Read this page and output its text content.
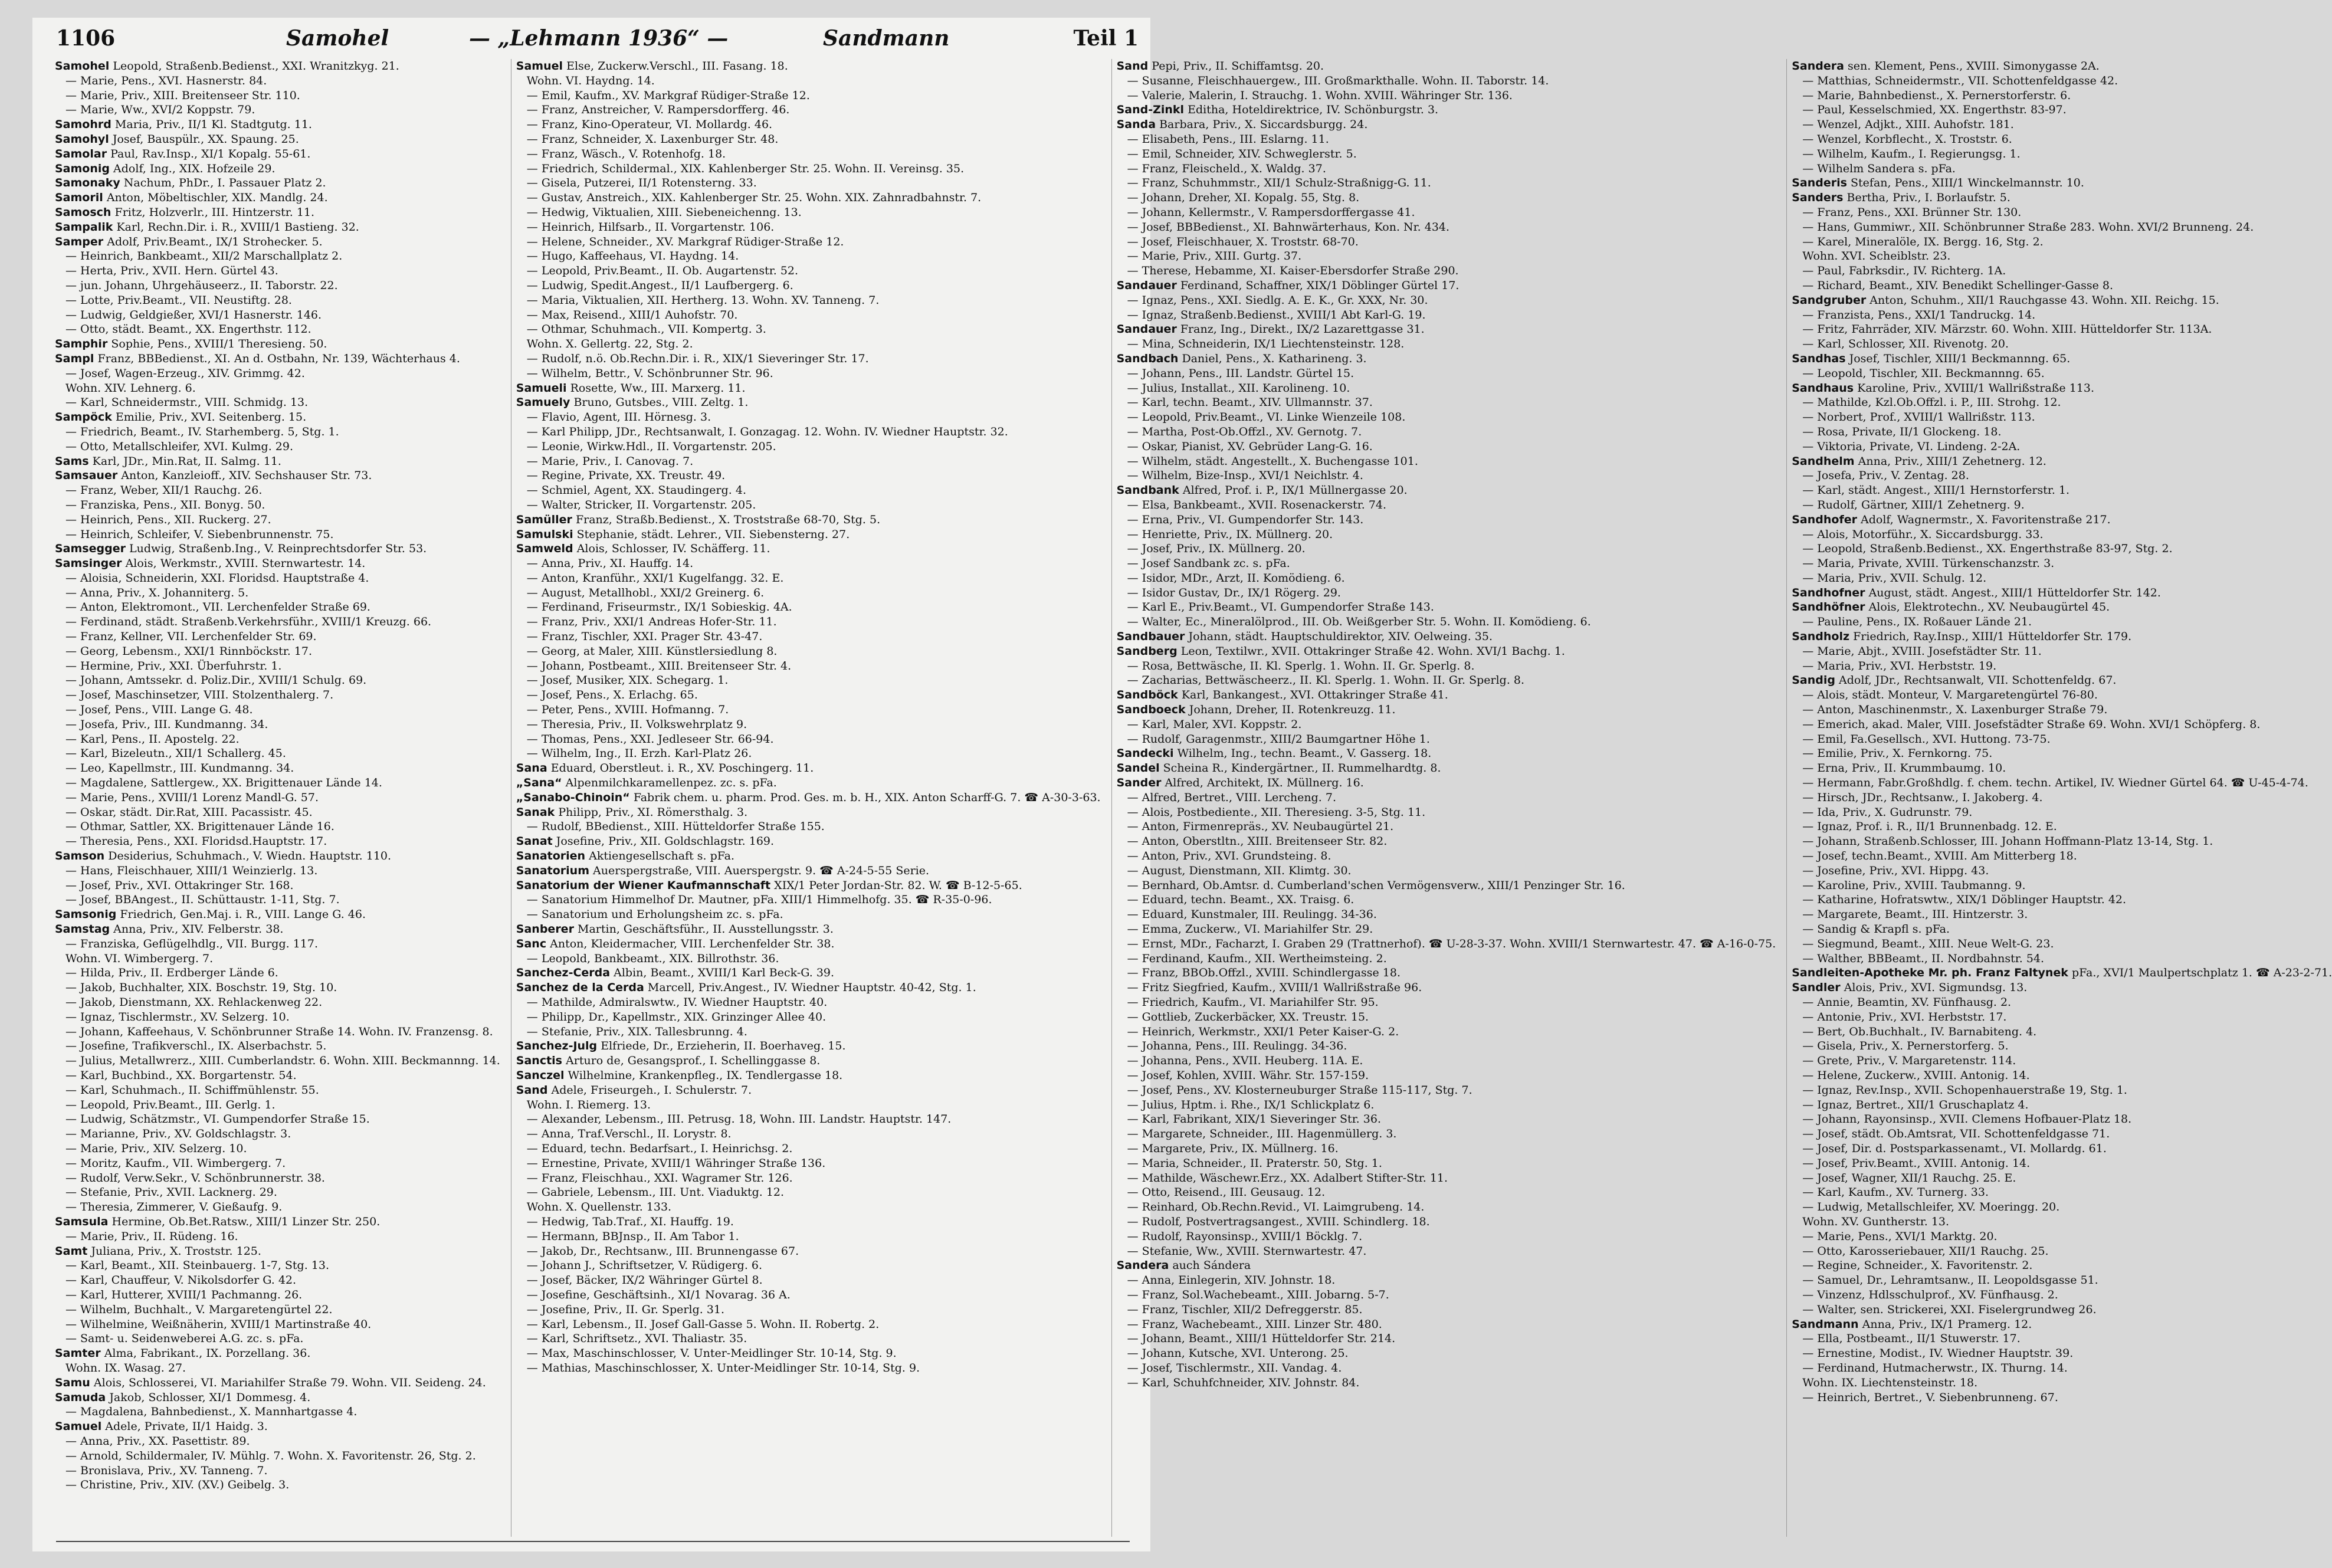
1106	Samohel	— „Lehmann 1936“ —	Sandmann	Teil 1
Samohel Leopold, Straßenb.Bedienst., XXI. Wranitzkyg. 21.
— Marie, Pens., XVI. Hasnerstr. 84.
— Marie, Priv., XIII. Breitenseer Str. 110.
— Marie, Ww., XVI/2 Koppstr. 79.
Samohrd Maria, Priv., II/1 Kl. Stadtgutg. 11.
Samohyl Josef, Bauspülr., XX. Spaung. 25.
Samolar Paul, Rav.Insp., XI/1 Kopalg. 55-61.
Samonig Adolf, Ing., XIX. Hofzeile 29.
Samonaky Nachum, PhDr., I. Passauer Platz 2.
Samoril Anton, Möbeltischler, XIX. Mandlg. 24.
Samosch Fritz, Holzverlr., III. Hintzerstr. 11.
Sampalik Karl, Rechn.Dir. i. R., XVIII/1 Bastieng. 32.
Samper Adolf, Priv.Beamt., IX/1 Strohecker. 5.
— Heinrich, Bankbeamt., XII/2 Marschallplatz 2.
— Herta, Priv., XVII. Hern. Gürtel 43.
— jun. Johann, Uhrgehäuseerz., II. Taborstr. 22.
— Lotte, Priv.Beamt., VII. Neustiftg. 28.
— Ludwig, Geldgießer, XVI/1 Hasnerstr. 146.
— Otto, städt. Beamt., XX. Engerthstr. 112.
Samphir Sophie, Pens., XVIII/1 Theresieng. 50.
Sampl Franz, BBBedienst., XI. An d. Ostbahn, Nr. 139, Wächterhaus 4.
— Josef, Wagen-Erzeug., XIV. Grimmg. 42.
Wohn. XIV. Lehnerg. 6.
— Karl, Schneidermstr., VIII. Schmidg. 13.
Sampöck Emilie, Priv., XVI. Seitenberg. 15.
— Friedrich, Beamt., IV. Starhemberg. 5, Stg. 1.
— Otto, Metallschleifer, XVI. Kulmg. 29.
Sams Karl, JDr., Min.Rat, II. Salmg. 11.
Samsauer Anton, Kanzleioff., XIV. Sechshauser Str. 73.
— Franz, Weber, XII/1 Rauchg. 26.
— Franziska, Pens., XII. Bonyg. 50.
— Heinrich, Pens., XII. Ruckerg. 27.
— Heinrich, Schleifer, V. Siebenbrunnenstr. 75.
Samsegger Ludwig, Straßenb.Ing., V. Reinprechtsdorfer Str. 53.
Samsinger Alois, Werkmstr., XVIII. Sternwartestr. 14.
— Aloisia, Schneiderin, XXI. Floridsd. Hauptstraße 4.
— Anna, Priv., X. Johanniterg. 5.
— Anton, Elektromont., VII. Lerchenfelder Straße 69.
— Ferdinand, städt. Straßenb.Verkehrsführ., XVIII/1 Kreuzg. 66.
— Franz, Kellner, VII. Lerchenfelder Str. 69.
— Georg, Lebensm., XXI/1 Rinnböckstr. 17.
— Hermine, Priv., XXI. Überfuhrstr. 1.
— Johann, Amtssekr. d. Poliz.Dir., XVIII/1 Schulg. 69.
— Josef, Maschinsetzer, VIII. Stolzenthalerg. 7.
— Josef, Pens., VIII. Lange G. 48.
— Josefa, Priv., III. Kundmanng. 34.
— Karl, Pens., II. Apostelg. 22.
— Karl, Bizeleutn., XII/1 Schallerg. 45.
— Leo, Kapellmstr., III. Kundmanng. 34.
— Magdalene, Sattlergew., XX. Brigittenauer Lände 14.
— Marie, Pens., XVIII/1 Lorenz Mandl-G. 57.
— Oskar, städt. Dir.Rat, XIII. Pacassistr. 45.
— Othmar, Sattler, XX. Brigittenauer Lände 16.
— Theresia, Pens., XXI. Floridsd.Hauptstr. 17.
Samson Desiderius, Schuhmach., V. Wiedn. Hauptstr. 110.
— Hans, Fleischhauer, XIII/1 Weinzierlg. 13.
— Josef, Priv., XVI. Ottakringer Str. 168.
— Josef, BBAngest., II. Schüttaustr. 1-11, Stg. 7.
Samsonig Friedrich, Gen.Maj. i. R., VIII. Lange G. 46.
Samstag Anna, Priv., XIV. Felberstr. 38.
— Franziska, Geflügelhdlg., VII. Burgg. 117.
Wohn. VI. Wimbergerg. 7.
— Hilda, Priv., II. Erdberger Lände 6.
— Jakob, Buchhalter, XIX. Boschstr. 19, Stg. 10.
— Jakob, Dienstmann, XX. Rehlackenweg 22.
— Ignaz, Tischlermstr., XV. Selzerg. 10.
— Johann, Kaffeehaus, V. Schönbrunner Straße 14. Wohn. IV. Franzensg. 8.
— Josefine, Trafikverschl., IX. Alserbachstr. 5.
— Julius, Metallwrerz., XIII. Cumberlandstr. 6. Wohn. XIII. Beckmannng. 14.
— Karl, Buchbind., XX. Borgartenstr. 54.
— Karl, Schuhmach., II. Schiffmühlenstr. 55.
— Leopold, Priv.Beamt., III. Gerlg. 1.
— Ludwig, Schätzmstr., VI. Gumpendorfer Straße 15.
— Marianne, Priv., XV. Goldschlagstr. 3.
— Marie, Priv., XIV. Selzerg. 10.
— Moritz, Kaufm., VII. Wimbergerg. 7.
— Rudolf, Verw.Sekr., V. Schönbrunnerstr. 38.
— Stefanie, Priv., XVII. Lacknerg. 29.
— Theresia, Zimmerer, V. Gießaufg. 9.
Samsula Hermine, Ob.Bet.Ratsw., XIII/1 Linzer Str. 250.
— Marie, Priv., II. Rüdeng. 16.
Samt Juliana, Priv., X. Troststr. 125.
— Karl, Beamt., XII. Steinbauerg. 1-7, Stg. 13.
— Karl, Chauffeur, V. Nikolsdorfer G. 42.
— Karl, Hutterer, XVIII/1 Pachmanng. 26.
— Wilhelm, Buchhalt., V. Margaretengürtel 22.
— Wilhelmine, Weißnäherin, XVIII/1 Martinstraße 40.
— Samt- u. Seidenweberei A.G. zc. s. pFa.
Samter Alma, Fabrikant., IX. Porzellang. 36.
Wohn. IX. Wasag. 27.
Samu Alois, Schlosserei, VI. Mariahilfer Straße 79. Wohn. VII. Seideng. 24.
Samuda Jakob, Schlosser, XI/1 Dommesg. 4.
— Magdalena, Bahnbedienst., X. Mannhartgasse 4.
Samuel Adele, Private, II/1 Haidg. 3.
— Anna, Priv., XX. Pasettistr. 89.
— Arnold, Schildermaler, IV. Mühlg. 7. Wohn. X. Favoritenstr. 26, Stg. 2.
— Bronislava, Priv., XV. Tanneng. 7.
— Christine, Priv., XIV. (XV.) Geibelg. 3.
Samuel Else, Zuckerw.Verschl., III. Fasang. 18.
Wohn. VI. Haydng. 14.
— Emil, Kaufm., XV. Markgraf Rüdiger-Straße 12.
— Franz, Anstreicher, V. Rampersdorfferg. 46.
— Franz, Kino-Operateur, VI. Mollardg. 46.
— Franz, Schneider, X. Laxenburger Str. 48.
— Franz, Wäsch., V. Rotenhofg. 18.
— Friedrich, Schildermal., XIX. Kahlenberger Str. 25. Wohn. II. Vereinsg. 35.
— Gisela, Putzerei, II/1 Rotensterng. 33.
— Gustav, Anstreich., XIX. Kahlenberger Str. 25. Wohn. XIX. Zahnradbahnstr. 7.
— Hedwig, Viktualien, XIII. Siebeneichenng. 13.
— Heinrich, Hilfsarb., II. Vorgartenstr. 106.
— Helene, Schneider., XV. Markgraf Rüdiger-Straße 12.
— Hugo, Kaffeehaus, VI. Haydng. 14.
— Leopold, Priv.Beamt., II. Ob. Augartenstr. 52.
— Ludwig, Spedit.Angest., II/1 Laufbergerg. 6.
— Maria, Viktualien, XII. Hertherg. 13. Wohn. XV. Tanneng. 7.
— Max, Reisend., XIII/1 Auhofstr. 70.
— Othmar, Schuhmach., VII. Kompertg. 3.
Wohn. X. Gellertg. 22, Stg. 2.
— Rudolf, n.ö. Ob.Rechn.Dir. i. R., XIX/1 Sieveringer Str. 17.
— Wilhelm, Bettr., V. Schönbrunner Str. 96.
Samueli Rosette, Ww., III. Marxerg. 11.
Samuely Bruno, Gutsbes., VIII. Zeltg. 1.
— Flavio, Agent, III. Hörnesg. 3.
— Karl Philipp, JDr., Rechtsanwalt, I. Gonzagag. 12. Wohn. IV. Wiedner Hauptstr. 32.
— Leonie, Wirkw.Hdl., II. Vorgartenstr. 205.
— Marie, Priv., I. Canovag. 7.
— Regine, Private, XX. Treustr. 49.
— Schmiel, Agent, XX. Staudingerg. 4.
— Walter, Stricker, II. Vorgartenstr. 205.
Samüller Franz, Straßb.Bedienst., X. Troststraße 68-70, Stg. 5.
Samulski Stephanie, städt. Lehrer., VII. Siebensterng. 27.
Samweld Alois, Schlosser, IV. Schäfferg. 11.
— Anna, Priv., XI. Hauffg. 14.
— Anton, Kranführ., XXI/1 Kugelfangg. 32. E.
— August, Metallhobl., XXI/2 Greinerg. 6.
— Ferdinand, Friseurmstr., IX/1 Sobieskig. 4A.
— Franz, Priv., XXI/1 Andreas Hofer-Str. 11.
— Franz, Tischler, XXI. Prager Str. 43-47.
— Georg, at Maler, XIII. Künstlersiedlung 8.
— Johann, Postbeamt., XIII. Breitenseer Str. 4.
— Josef, Musiker, XIX. Schegarg. 1.
— Josef, Pens., X. Erlachg. 65.
— Peter, Pens., XVIII. Hofmanng. 7.
— Theresia, Priv., II. Volkswehrplatz 9.
— Thomas, Pens., XXI. Jedleseer Str. 66-94.
— Wilhelm, Ing., II. Erzh. Karl-Platz 26.
Sana Eduard, Oberstleut. i. R., XV. Poschingerg. 11.
„Sana“ Alpenmilchkaramellenpez. zc. s. pFa.
„Sanabo-Chinoin“ Fabrik chem. u. pharm. Prod. Ges. m. b. H., XIX. Anton Scharff-G. 7. ☎ A-30-3-63.
Sanak Philipp, Priv., XI. Römersthalg. 3.
— Rudolf, BBedienst., XIII. Hütteldorfer Straße 155.
Sanat Josefine, Priv., XII. Goldschlagstr. 169.
Sanatorien Aktiengesellschaft s. pFa.
Sanatorium Auerspergstraße, VIII. Auerspergstr. 9. ☎ A-24-5-55 Serie.
Sanatorium der Wiener Kaufmannschaft XIX/1 Peter Jordan-Str. 82. W. ☎ B-12-5-65.
— Sanatorium Himmelhof Dr. Mautner, pFa. XIII/1 Himmelhofg. 35. ☎ R-35-0-96.
— Sanatorium und Erholungsheim zc. s. pFa.
Sanberer Martin, Geschäftsführ., II. Ausstellungsstr. 3.
Sanc Anton, Kleidermacher, VIII. Lerchenfelder Str. 38.
— Leopold, Bankbeamt., XIX. Billrothstr. 36.
Sanchez-Cerda Albin, Beamt., XVIII/1 Karl Beck-G. 39.
Sanchez de la Cerda Marcell, Priv.Angest., IV. Wiedner Hauptstr. 40-42, Stg. 1.
— Mathilde, Admiralswtw., IV. Wiedner Hauptstr. 40.
— Philipp, Dr., Kapellmstr., XIX. Grinzinger Allee 40.
— Stefanie, Priv., XIX. Tallesbrunng. 4.
Sanchez-Julg Elfriede, Dr., Erzieherin, II. Boerhaveg. 15.
Sanctis Arturo de, Gesangsprof., I. Schellinggasse 8.
Sanczel Wilhelmine, Krankenpfleg., IX. Tendlergasse 18.
Sand Adele, Friseurgeh., I. Schulerstr. 7.
Wohn. I. Riemerg. 13.
— Alexander, Lebensm., III. Petrusg. 18, Wohn. III. Landstr. Hauptstr. 147.
— Anna, Traf.Verschl., II. Lorystr. 8.
— Eduard, techn. Bedarfsart., I. Heinrichsg. 2.
— Ernestine, Private, XVIII/1 Währinger Straße 136.
— Franz, Fleischhau., XXI. Wagramer Str. 126.
— Gabriele, Lebensm., III. Unt. Viaduktg. 12.
Wohn. X. Quellenstr. 133.
— Hedwig, Tab.Traf., XI. Hauffg. 19.
— Hermann, BBJnsp., II. Am Tabor 1.
— Jakob, Dr., Rechtsanw., III. Brunnengasse 67.
— Johann J., Schriftsetzer, V. Rüdigerg. 6.
— Josef, Bäcker, IX/2 Währinger Gürtel 8.
— Josefine, Geschäftsinh., XI/1 Novarag. 36 A.
— Josefine, Priv., II. Gr. Sperlg. 31.
— Karl, Lebensm., II. Josef Gall-Gasse 5. Wohn. II. Robertg. 2.
— Karl, Schriftsetz., XVI. Thaliastr. 35.
— Max, Maschinschlosser, V. Unter-Meidlinger Str. 10-14, Stg. 9.
— Mathias, Maschinschlosser, X. Unter-Meidlinger Str. 10-14, Stg. 9.
Sand Pepi, Priv., II. Schiffamtsg. 20.
— Susanne, Fleischhauergew., III. Großmarkthalle. Wohn. II. Taborstr. 14.
— Valerie, Malerin, I. Strauchg. 1. Wohn. XVIII. Währinger Str. 136.
Sand-Zinkl Editha, Hoteldirektrice, IV. Schönburgstr. 3.
Sanda Barbara, Priv., X. Siccardsburgg. 24.
— Elisabeth, Pens., III. Eslarng. 11.
— Emil, Schneider, XIV. Schweglerstr. 5.
— Franz, Fleischeld., X. Waldg. 37.
— Franz, Schuhmmstr., XII/1 Schulz-Straßnigg-G. 11.
— Johann, Dreher, XI. Kopalg. 55, Stg. 8.
— Johann, Kellermstr., V. Rampersdorffergasse 41.
— Josef, BBBedienst., XI. Bahnwärterhaus, Kon. Nr. 434.
— Josef, Fleischhauer, X. Troststr. 68-70.
— Marie, Priv., XIII. Gurtg. 37.
— Therese, Hebamme, XI. Kaiser-Ebersdorfer Straße 290.
Sandauer Ferdinand, Schaffner, XIX/1 Döblinger Gürtel 17.
— Ignaz, Pens., XXI. Siedlg. A. E. K., Gr. XXX, Nr. 30.
— Ignaz, Straßenb.Bedienst., XVIII/1 Abt Karl-G. 19.
Sandauer Franz, Ing., Direkt., IX/2 Lazarettgasse 31.
— Mina, Schneiderin, IX/1 Liechtensteinstr. 128.
Sandbach Daniel, Pens., X. Katharineng. 3.
— Johann, Pens., III. Landstr. Gürtel 15.
— Julius, Installat., XII. Karolineng. 10.
— Karl, techn. Beamt., XIV. Ullmannstr. 37.
— Leopold, Priv.Beamt., VI. Linke Wienzeile 108.
— Martha, Post-Ob.Offzl., XV. Gernotg. 7.
— Oskar, Pianist, XV. Gebrüder Lang-G. 16.
— Wilhelm, städt. Angestellt., X. Buchengasse 101.
— Wilhelm, Bize-Insp., XVI/1 Neichlstr. 4.
Sandbank Alfred, Prof. i. P., IX/1 Müllnergasse 20.
— Elsa, Bankbeamt., XVII. Rosenackerstr. 74.
— Erna, Priv., VI. Gumpendorfer Str. 143.
— Henriette, Priv., IX. Müllnerg. 20.
— Josef, Priv., IX. Müllnerg. 20.
— Josef Sandbank zc. s. pFa.
— Isidor, MDr., Arzt, II. Komödieng. 6.
— Isidor Gustav, Dr., IX/1 Rögerg. 29.
— Karl E., Priv.Beamt., VI. Gumpendorfer Straße 143.
— Walter, Ec., Mineralölprod., III. Ob. Weißgerber Str. 5. Wohn. II. Komödieng. 6.
Sandbauer Johann, städt. Hauptschuldirektor, XIV. Oelweing. 35.
Sandberg Leon, Textilwr., XVII. Ottakringer Straße 42. Wohn. XVI/1 Bachg. 1.
— Rosa, Bettwäsche, II. Kl. Sperlg. 1. Wohn. II. Gr. Sperlg. 8.
— Zacharias, Bettwäscheerz., II. Kl. Sperlg. 1. Wohn. II. Gr. Sperlg. 8.
Sandböck Karl, Bankangest., XVI. Ottakringer Straße 41.
Sandboeck Johann, Dreher, II. Rotenkreuzg. 11.
— Karl, Maler, XVI. Koppstr. 2.
— Rudolf, Garagenmstr., XIII/2 Baumgartner Höhe 1.
Sandecki Wilhelm, Ing., techn. Beamt., V. Gasserg. 18.
Sandel Scheina R., Kindergärtner., II. Rummelhardtg. 8.
Sander Alfred, Architekt, IX. Müllnerg. 16.
— Alfred, Bertret., VIII. Lercheng. 7.
— Alois, Postbediente., XII. Theresieng. 3-5, Stg. 11.
— Anton, Firmenrepräs., XV. Neubaugürtel 21.
— Anton, Oberstltn., XIII. Breitenseer Str. 82.
— Anton, Priv., XVI. Grundsteing. 8.
— August, Dienstmann, XII. Klimtg. 30.
— Bernhard, Ob.Amtsr. d. Cumberland'schen Vermögensverw., XIII/1 Penzinger Str. 16.
— Eduard, techn. Beamt., XX. Traisg. 6.
— Eduard, Kunstmaler, III. Reulingg. 34-36.
— Emma, Zuckerw., VI. Mariahilfer Str. 29.
— Ernst, MDr., Facharzt, I. Graben 29 (Trattnerhof). ☎ U-28-3-37. Wohn. XVIII/1 Sternwartestr. 47. ☎ A-16-0-75.
— Ferdinand, Kaufm., XII. Wertheimsteing. 2.
— Franz, BBOb.Offzl., XVIII. Schindlergasse 18.
— Fritz Siegfried, Kaufm., XVIII/1 Wallrißstraße 96.
— Friedrich, Kaufm., VI. Mariahilfer Str. 95.
— Gottlieb, Zuckerbäcker, XX. Treustr. 15.
— Heinrich, Werkmstr., XXI/1 Peter Kaiser-G. 2.
— Johanna, Pens., III. Reulingg. 34-36.
— Johanna, Pens., XVII. Heuberg. 11A. E.
— Josef, Kohlen, XVIII. Währ. Str. 157-159.
— Josef, Pens., XV. Klosterneuburger Straße 115-117, Stg. 7.
— Julius, Hptm. i. Rhe., IX/1 Schlickplatz 6.
— Karl, Fabrikant, XIX/1 Sieveringer Str. 36.
— Margarete, Schneider., III. Hagenmüllerg. 3.
— Margarete, Priv., IX. Müllnerg. 16.
— Maria, Schneider., II. Praterstr. 50, Stg. 1.
— Mathilde, Wäschewr.Erz., XX. Adalbert Stifter-Str. 11.
— Otto, Reisend., III. Geusaug. 12.
— Reinhard, Ob.Rechn.Revid., VI. Laimgrubeng. 14.
— Rudolf, Postvertragsangest., XVIII. Schindlerg. 18.
— Rudolf, Rayonsinsp., XVIII/1 Böcklg. 7.
— Stefanie, Ww., XVIII. Sternwartestr. 47.
Sandera auch Sándera
— Anna, Einlegerin, XIV. Johnstr. 18.
— Franz, Sol.Wachebeamt., XIII. Jobarng. 5-7.
— Franz, Tischler, XII/2 Defreggerstr. 85.
— Franz, Wachebeamt., XIII. Linzer Str. 480.
— Johann, Beamt., XIII/1 Hütteldorfer Str. 214.
— Johann, Kutsche, XVI. Unterong. 25.
— Josef, Tischlermstr., XII. Vandag. 4.
— Karl, Schuhfchneider, XIV. Johnstr. 84.
Sandera sen. Klement, Pens., XVIII. Simonygasse 2A.
— Matthias, Schneidermstr., VII. Schottenfeldgasse 42.
— Marie, Bahnbedienst., X. Pernerstorferstr. 6.
— Paul, Kesselschmied, XX. Engerthstr. 83-97.
— Wenzel, Adjkt., XIII. Auhofstr. 181.
— Wenzel, Korbflecht., X. Troststr. 6.
— Wilhelm, Kaufm., I. Regierungsg. 1.
— Wilhelm Sandera s. pFa.
Sanderis Stefan, Pens., XIII/1 Winckelmannstr. 10.
Sanders Bertha, Priv., I. Borlaufstr. 5.
— Franz, Pens., XXI. Brünner Str. 130.
— Hans, Gummiwr., XII. Schönbrunner Straße 283. Wohn. XVI/2 Brunneng. 24.
— Karel, Mineralöle, IX. Bergg. 16, Stg. 2.
Wohn. XVI. Scheiblstr. 23.
— Paul, Fabrksdir., IV. Richterg. 1A.
— Richard, Beamt., XIV. Benedikt Schellinger-Gasse 8.
Sandgruber Anton, Schuhm., XII/1 Rauchgasse 43. Wohn. XII. Reichg. 15.
— Franzista, Pens., XXI/1 Tandruckg. 14.
— Fritz, Fahrräder, XIV. Märzstr. 60. Wohn. XIII. Hütteldorfer Str. 113A.
— Karl, Schlosser, XII. Rivenotg. 20.
Sandhas Josef, Tischler, XIII/1 Beckmannng. 65.
— Leopold, Tischler, XII. Beckmannng. 65.
Sandhaus Karoline, Priv., XVIII/1 Wallrißstraße 113.
— Mathilde, Kzl.Ob.Offzl. i. P., III. Strohg. 12.
— Norbert, Prof., XVIII/1 Wallrißstr. 113.
— Rosa, Private, II/1 Glockeng. 18.
— Viktoria, Private, VI. Lindeng. 2-2A.
Sandhelm Anna, Priv., XIII/1 Zehetnerg. 12.
— Josefa, Priv., V. Zentag. 28.
— Karl, städt. Angest., XIII/1 Hernstorferstr. 1.
— Rudolf, Gärtner, XIII/1 Zehetnerg. 9.
Sandhofer Adolf, Wagnermstr., X. Favoritenstraße 217.
— Alois, Motorführ., X. Siccardsburgg. 33.
— Leopold, Straßenb.Bedienst., XX. Engerthstraße 83-97, Stg. 2.
— Maria, Private, XVIII. Türkenschanzstr. 3.
— Maria, Priv., XVII. Schulg. 12.
Sandhofner August, städt. Angest., XIII/1 Hütteldorfer Str. 142.
Sandhöfner Alois, Elektrotechn., XV. Neubaugürtel 45.
— Pauline, Pens., IX. Roßauer Lände 21.
Sandholz Friedrich, Ray.Insp., XIII/1 Hütteldorfer Str. 179.
— Marie, Abjt., XVIII. Josefstädter Str. 11.
— Maria, Priv., XVI. Herbststr. 19.
Sandig Adolf, JDr., Rechtsanwalt, VII. Schottenfeldg. 67.
— Alois, städt. Monteur, V. Margaretengürtel 76-80.
— Anton, Maschinenmstr., X. Laxenburger Straße 79.
— Emerich, akad. Maler, VIII. Josefstädter Straße 69. Wohn. XVI/1 Schöpferg. 8.
— Emil, Fa.Gesellsch., XVI. Huttong. 73-75.
— Emilie, Priv., X. Fernkorng. 75.
— Erna, Priv., II. Krummbaumg. 10.
— Hermann, Fabr.Großhdlg. f. chem. techn. Artikel, IV. Wiedner Gürtel 64. ☎ U-45-4-74.
— Hirsch, JDr., Rechtsanw., I. Jakoberg. 4.
— Ida, Priv., X. Gudrunstr. 79.
— Ignaz, Prof. i. R., II/1 Brunnenbadg. 12. E.
— Johann, Straßenb.Schlosser, III. Johann Hoffmann-Platz 13-14, Stg. 1.
— Josef, techn.Beamt., XVIII. Am Mitterberg 18.
— Josefine, Priv., XVI. Hippg. 43.
— Karoline, Priv., XVIII. Taubmanng. 9.
— Katharine, Hofratswtw., XIX/1 Döblinger Hauptstr. 42.
— Margarete, Beamt., III. Hintzerstr. 3.
— Sandig & Krapfl s. pFa.
— Siegmund, Beamt., XIII. Neue Welt-G. 23.
— Walther, BBBeamt., II. Nordbahnstr. 54.
Sandleiten-Apotheke Mr. ph. Franz Faltynek pFa., XVI/1 Maulpertschplatz 1. ☎ A-23-2-71.
Sandler Alois, Priv., XVI. Sigmundsg. 13.
— Annie, Beamtin, XV. Fünfhausg. 2.
— Antonie, Priv., XVI. Herbststr. 17.
— Bert, Ob.Buchhalt., IV. Barnabiteng. 4.
— Gisela, Priv., X. Pernerstorferg. 5.
— Grete, Priv., V. Margaretenstr. 114.
— Helene, Zuckerw., XVIII. Antonig. 14.
— Ignaz, Rev.Insp., XVII. Schopenhauerstraße 19, Stg. 1.
— Ignaz, Bertret., XII/1 Gruschaplatz 4.
— Johann, Rayonsinsp., XVII. Clemens Hofbauer-Platz 18.
— Josef, städt. Ob.Amtsrat, VII. Schottenfeldgasse 71.
— Josef, Dir. d. Postsparkassenamt., VI. Mollardg. 61.
— Josef, Priv.Beamt., XVIII. Antonig. 14.
— Josef, Wagner, XII/1 Rauchg. 25. E.
— Karl, Kaufm., XV. Turnerg. 33.
— Ludwig, Metallschleifer, XV. Moeringg. 20.
Wohn. XV. Guntherstr. 13.
— Marie, Pens., XVI/1 Marktg. 20.
— Otto, Karosseriebauer, XII/1 Rauchg. 25.
— Regine, Schneider., X. Favoritenstr. 2.
— Samuel, Dr., Lehramtsanw., II. Leopoldsgasse 51.
— Vinzenz, Hdlsschulprof., XV. Fünfhausg. 2.
— Walter, sen. Strickerei, XXI. Fiselergrundweg 26.
Sandmann Anna, Priv., IX/1 Pramerg. 12.
— Ella, Postbeamt., II/1 Stuwerstr. 17.
— Ernestine, Modist., IV. Wiedner Hauptstr. 39.
— Ferdinand, Hutmacherwstr., IX. Thurng. 14.
Wohn. IX. Liechtensteinstr. 18.
— Heinrich, Bertret., V. Siebenbrunneng. 67.
